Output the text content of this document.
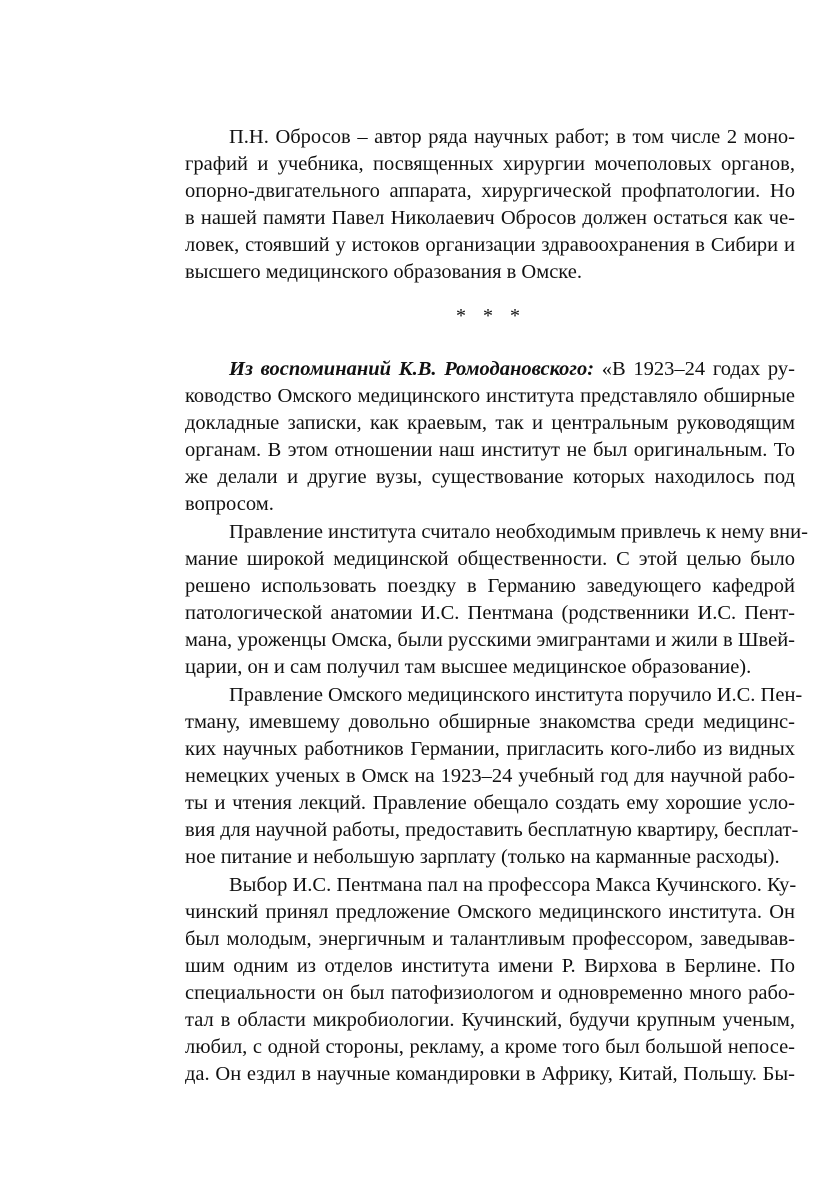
П.Н. Обросов – автор ряда научных работ; в том числе 2 моно-

графий и учебника, посвященных хирургии мочеполовых органов,

опорно-двигательного аппарата, хирургической профпатологии. Но

в нашей памяти Павел Николаевич Обросов должен остаться как че-

ловек, стоявший у истоков организации здравоохранения в Сибири и

высшего медицинского образования в Омске.

* * *

Из воспоминаний К.В. Ромодановского: «В 1923–24 годах ру-

ководство Омского медицинского института представляло обширные

докладные записки, как краевым, так и центральным руководящим

органам. В этом отношении наш институт не был оригинальным. То

же делали и другие вузы, существование которых находилось под

вопросом.

Правление института считало необходимым привлечь к нему вни-

мание широкой медицинской общественности. С этой целью было

решено использовать поездку в Германию заведующего кафедрой

патологической анатомии И.С. Пентмана (родственники И.С. Пент-

мана, уроженцы Омска, были русскими эмигрантами и жили в Швей-

царии, он и сам получил там высшее медицинское образование).

Правление Омского медицинского института поручило И.С. Пен-

тману, имевшему довольно обширные знакомства среди медицинс-

ких научных работников Германии, пригласить кого-либо из видных

немецких ученых в Омск на 1923–24 учебный год для научной рабо-

ты и чтения лекций. Правление обещало создать ему хорошие усло-

вия для научной работы, предоставить бесплатную квартиру, бесплат-

ное питание и небольшую зарплату (только на карманные расходы).

Выбор И.С. Пентмана пал на профессора Макса Кучинского. Ку-

чинский принял предложение Омского медицинского института. Он

был молодым, энергичным и талантливым профессором, заведывав-

шим одним из отделов института имени Р. Вирхова в Берлине. По

специальности он был патофизиологом и одновременно много рабо-

тал в области микробиологии. Кучинский, будучи крупным ученым,

любил, с одной стороны, рекламу, а кроме того был большой непосе-

да. Он ездил в научные командировки в Африку, Китай, Польшу. Бы-
